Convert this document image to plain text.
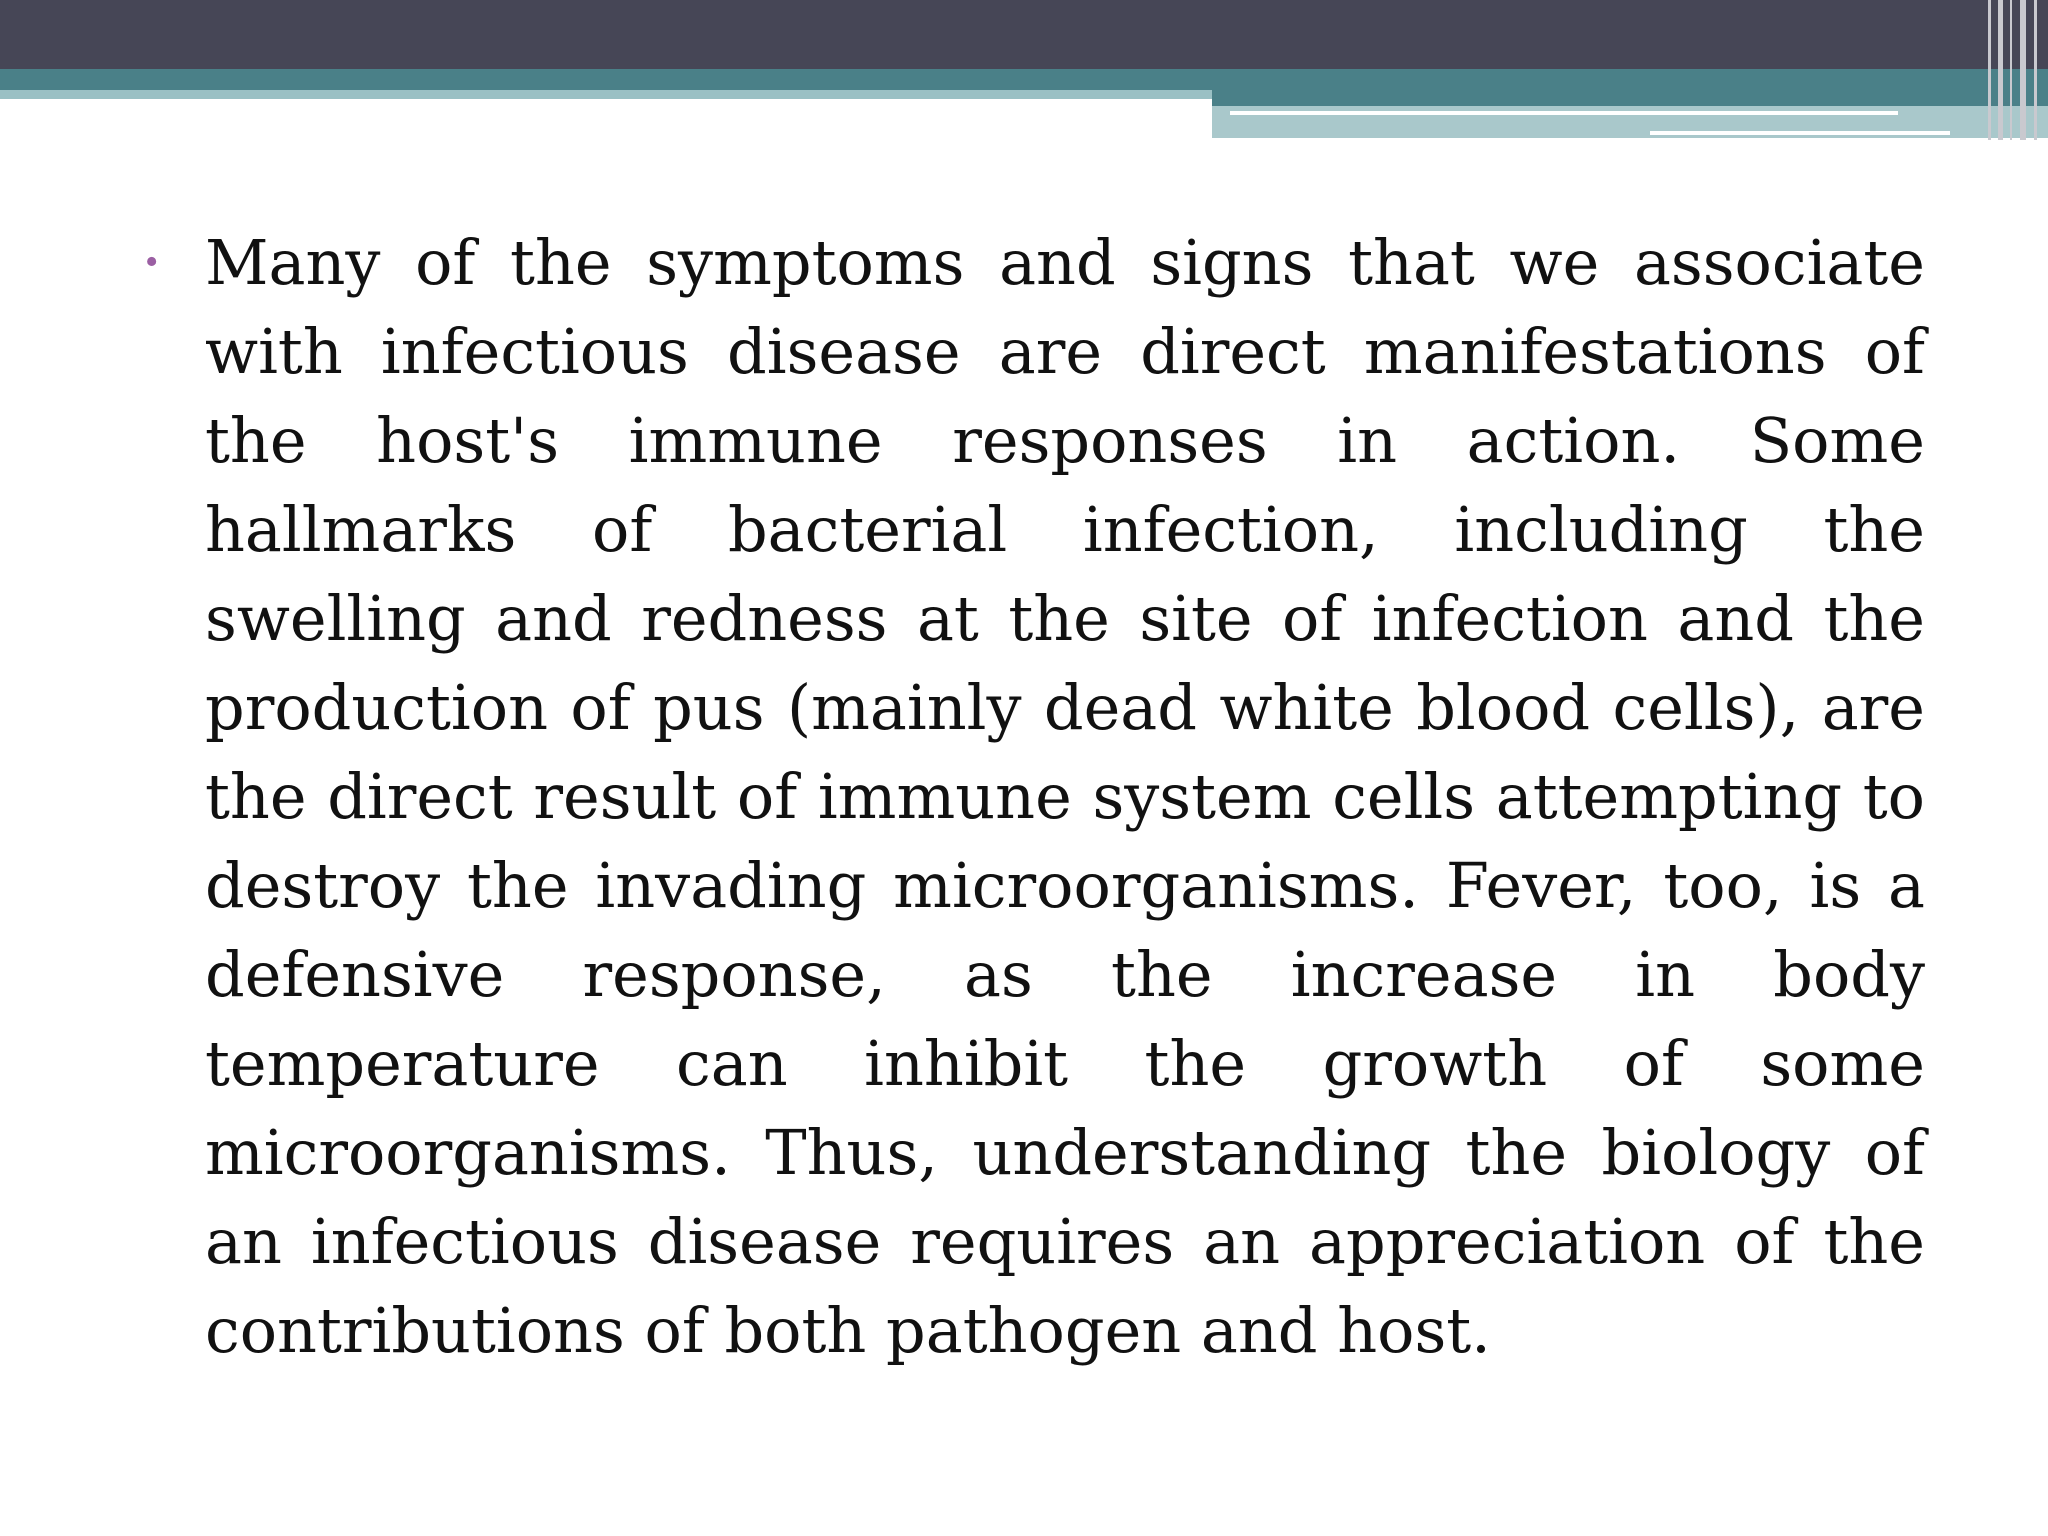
• Many of the symptoms and signs that we associate with infectious disease are direct manifestations of the host's immune responses in action. Some hallmarks of bacterial infection, including the swelling and redness at the site of infection and the production of pus (mainly dead white blood cells), are the direct result of immune system cells attempting to destroy the invading microorganisms. Fever, too, is a defensive response, as the increase in body temperature can inhibit the growth of some microorganisms. Thus, understanding the biology of an infectious disease requires an appreciation of the contributions of both pathogen and host.
